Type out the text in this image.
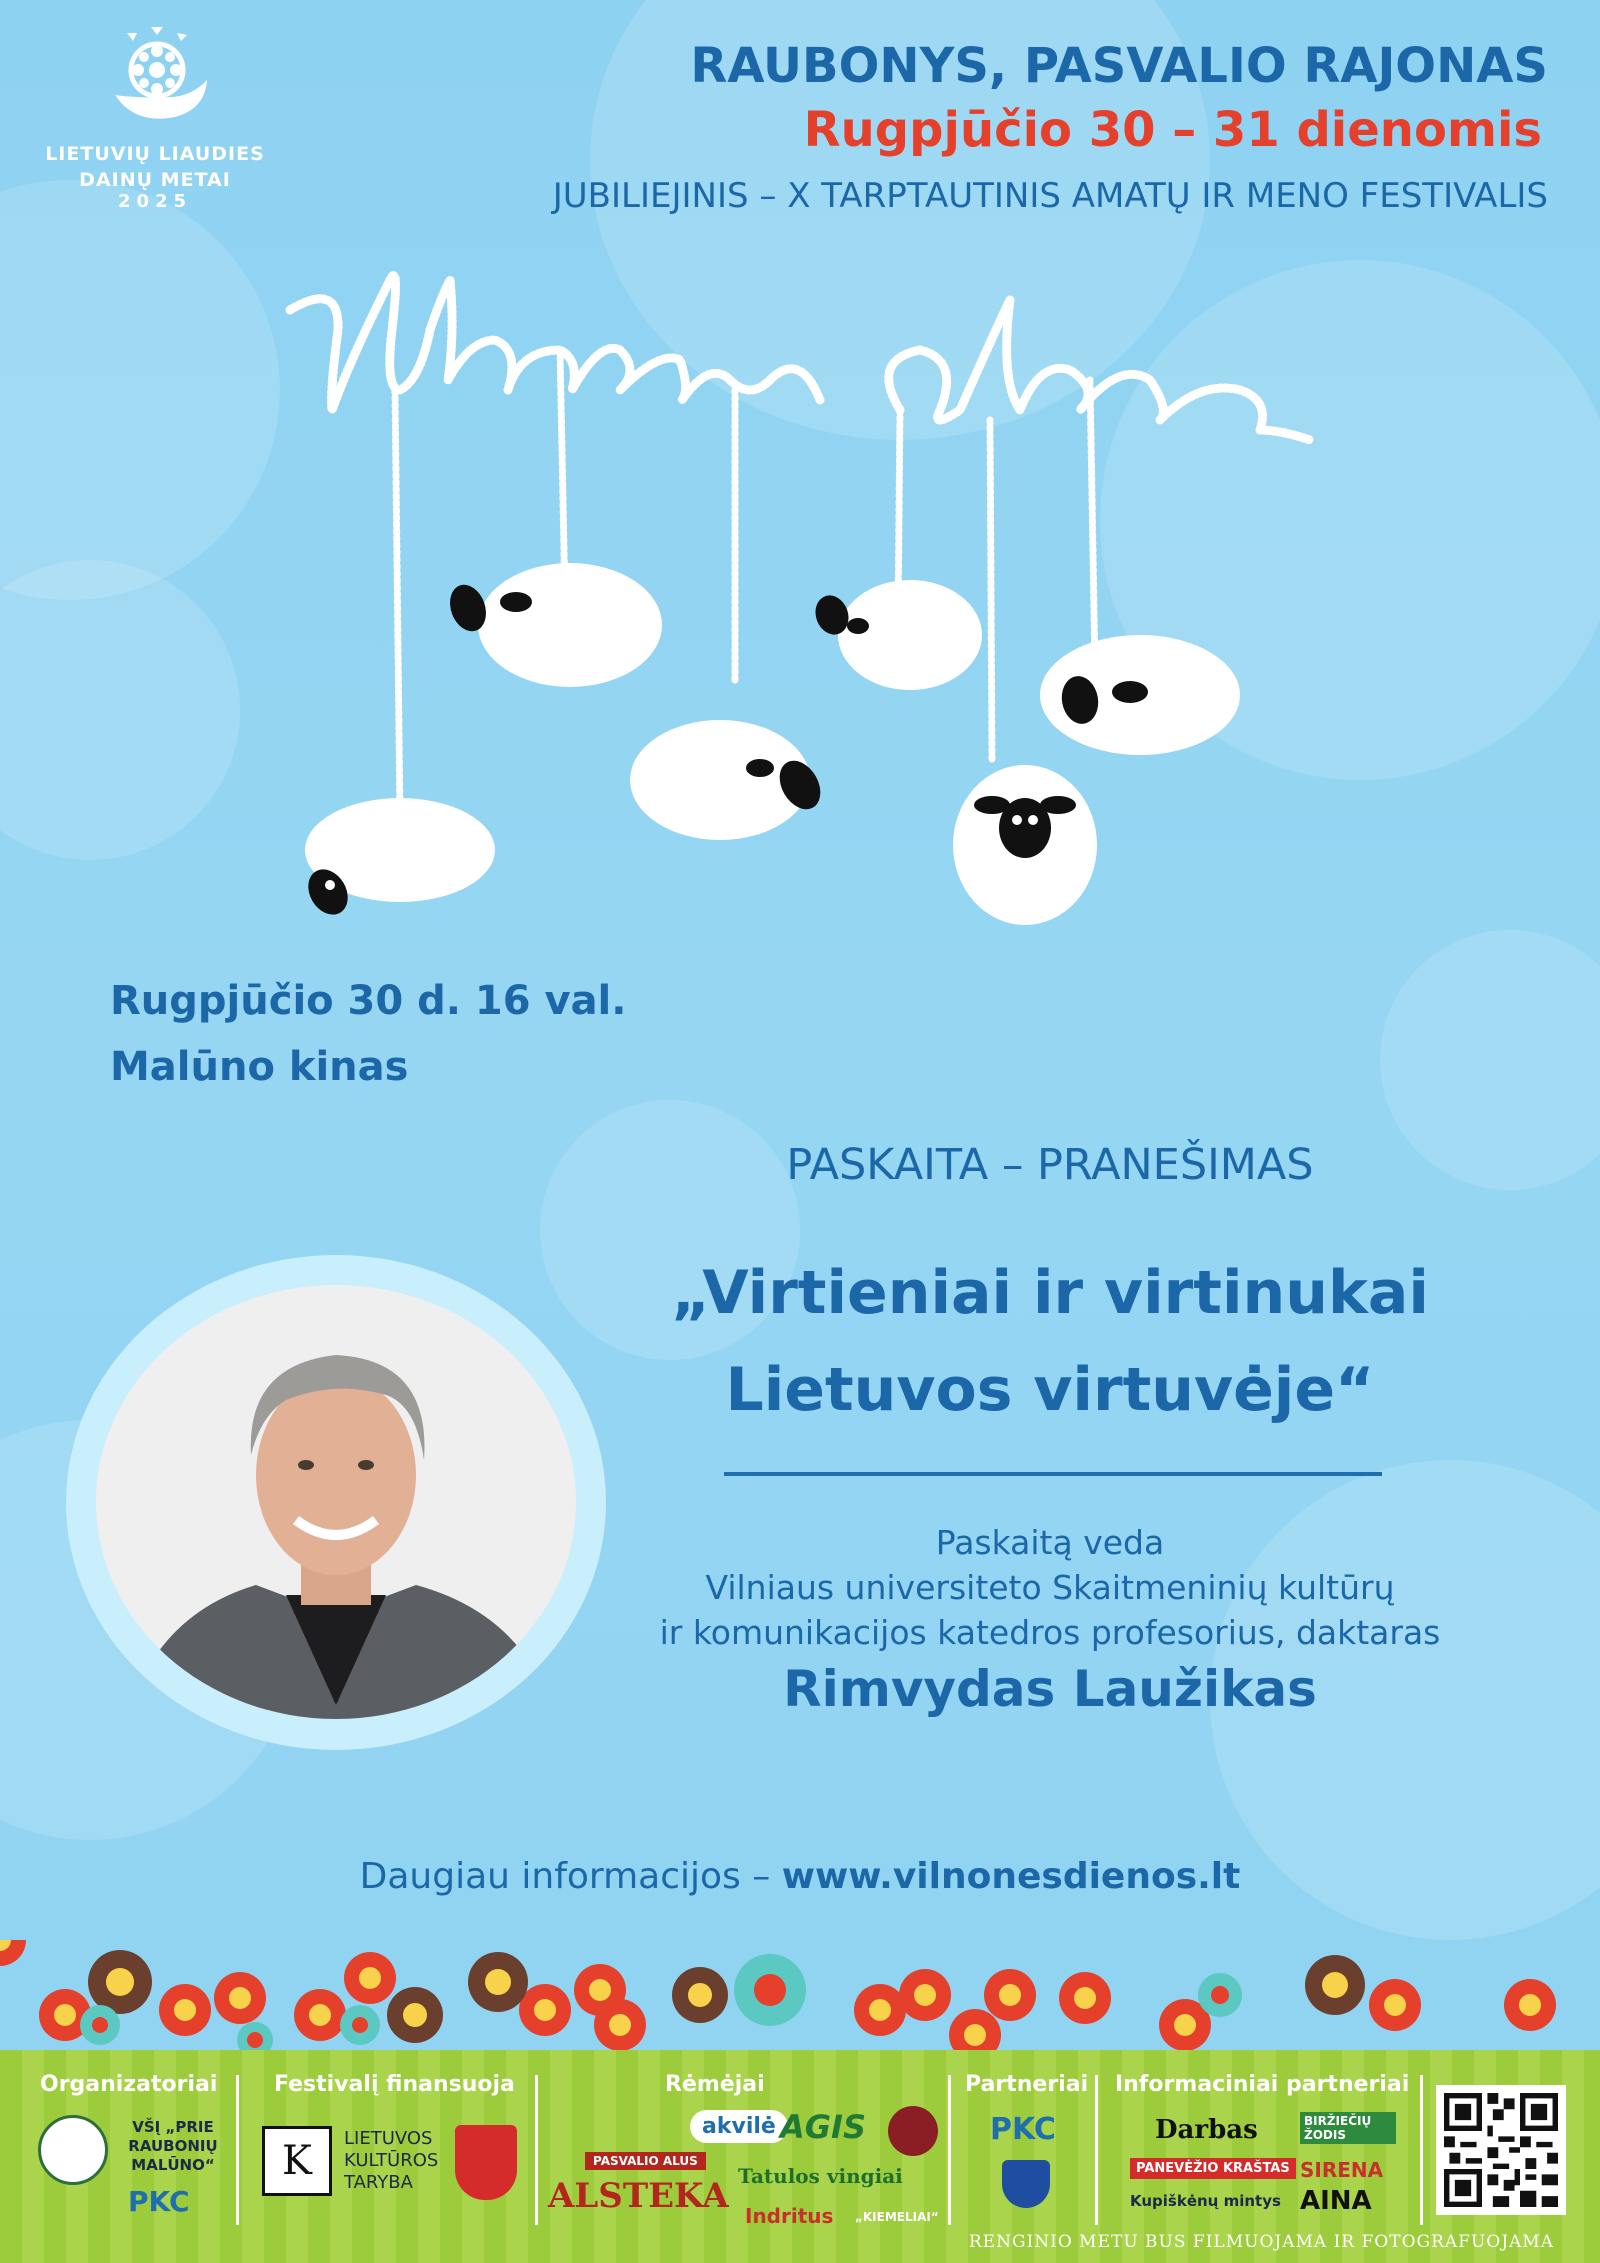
LIETUVIŲ LIAUDIES
DAINŲ METAI
2025
RAUBONYS, PASVALIO RAJONAS
Rugpjūčio 30 – 31 dienomis
JUBILIEJINIS – X TARPTAUTINIS AMATŲ IR MENO FESTIVALIS
Rugpjūčio 30 d. 16 val.
Malūno kinas
PASKAITA – PRANEŠIMAS
„Virtieniai ir virtinukai
Lietuvos virtuvėje“
Paskaitą veda
Vilniaus universiteto Skaitmeninių kultūrų
ir komunikacijos katedros profesorius, daktaras
Rimvydas Laužikas
Daugiau informacijos – www.vilnonesdienos.lt
Organizatoriai	Festivalį finansuoja	Rėmėjai	Partneriai Informaciniai partneriai
VŠĮ „PRIE RAUBONIŲ MALŪNO“
PKC
K	LIETUVOS
KULTŪROS
TARYBA
PASVALIO ALUS
ALSTEKA
akvilė AGIS
Tatulos vingiai
Indritus „KIEMELIAI“
PKC	Darbas
PANEVĖŽIO KRAŠTAS
Kupiškėnų mintys
BIRŽIEČIŲ ŽODIS
SIRENA
AINA
RENGINIO METU BUS FILMUOJAMA IR FOTOGRAFUOJAMA
